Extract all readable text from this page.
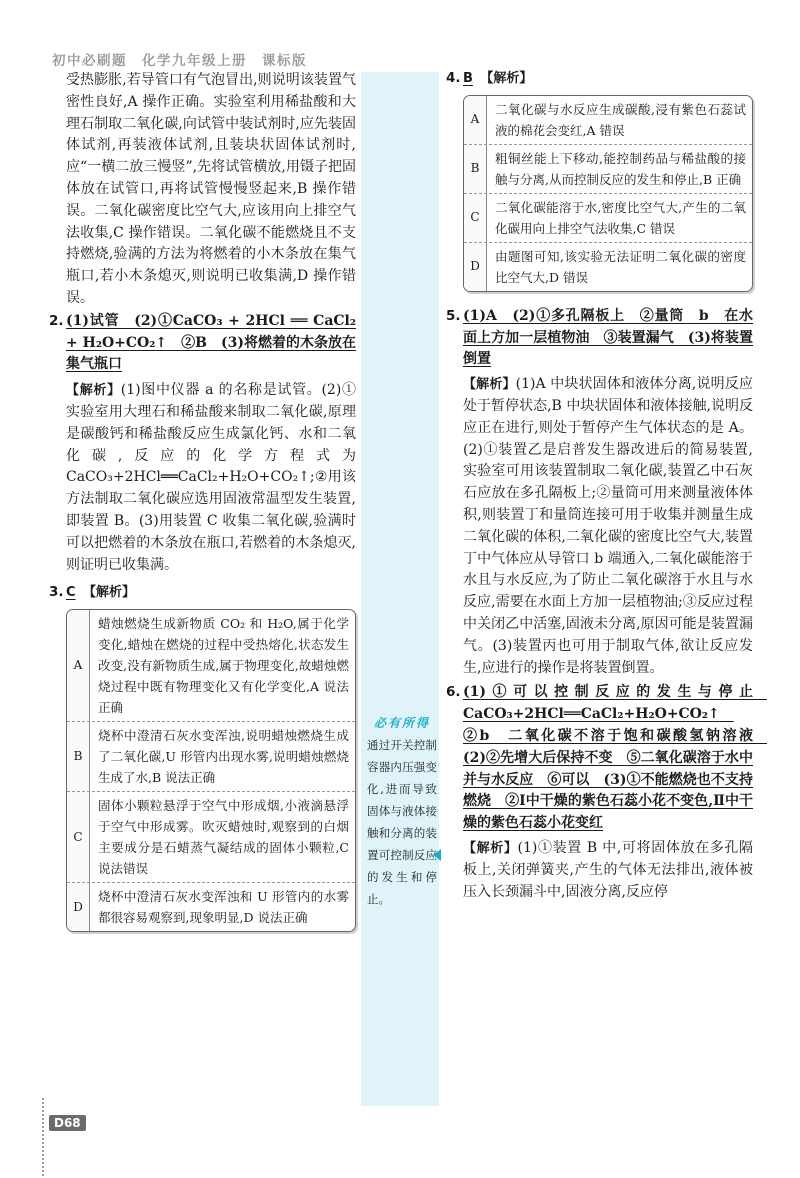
初中必刷题　化学九年级上册　课标版

受热膨胀,若导管口有气泡冒出,则说明该装置气密性良好,A 操作正确。实验室利用稀盐酸和大理石制取二氧化碳,向试管中装试剂时,应先装固体试剂,再装液体试剂,且装块状固体试剂时,应“一横二放三慢竖”,先将试管横放,用镊子把固体放在试管口,再将试管慢慢竖起来,B 操作错误。二氧化碳密度比空气大,应该用向上排空气法收集,C 操作错误。二氧化碳不能燃烧且不支持燃烧,验满的方法为将燃着的小木条放在集气瓶口,若小木条熄灭,则说明已收集满,D 操作错误。

2. (1)试管　(2)①CaCO₃ + 2HCl ══ CaCl₂ + H₂O+CO₂↑　 ②B　(3)将燃着的木条放在集气瓶口

【解析】(1)图中仪器 a 的名称是试管。(2)①实验室用大理石和稀盐酸来制取二氧化碳,原理是碳酸钙和稀盐酸反应生成氯化钙、水和二氧化碳,反应的化学方程式为 CaCO₃+2HCl══CaCl₂+H₂O+CO₂↑;②用该方法制取二氧化碳应选用固液常温型发生装置,即装置 B。(3)用装置 C 收集二氧化碳,验满时可以把燃着的木条放在瓶口,若燃着的木条熄灭,则证明已收集满。

3. C　 【解析】

A
蜡烛燃烧生成新物质 CO₂ 和 H₂O,属于化学变化,蜡烛在燃烧的过程中受热熔化,状态发生改变,没有新物质生成,属于物理变化,故蜡烛燃烧过程中既有物理变化又有化学变化,A 说法正确
B
烧杯中澄清石灰水变浑浊,说明蜡烛燃烧生成了二氧化碳,U 形管内出现水雾,说明蜡烛燃烧生成了水,B 说法正确
C
固体小颗粒悬浮于空气中形成烟,小液滴悬浮于空气中形成雾。吹灭蜡烛时,观察到的白烟主要成分是石蜡蒸气凝结成的固体小颗粒,C 说法错误
D
烧杯中澄清石灰水变浑浊和 U 形管内的水雾都很容易观察到,现象明显,D 说法正确
必有所得
通过开关控制容器内压强变化,进而导致固体与液体接触和分离的装置可控制反应的发生和停止。
4. B　 【解析】

A
二氧化碳与水反应生成碳酸,浸有紫色石蕊试液的棉花会变红,A 错误
B
粗铜丝能上下移动,能控制药品与稀盐酸的接触与分离,从而控制反应的发生和停止,B 正确
C
二氧化碳能溶于水,密度比空气大,产生的二氧化碳用向上排空气法收集,C 错误
D
由题图可知,该实验无法证明二氧化碳的密度比空气大,D 错误
5. (1)A　(2)①多孔隔板上　②量筒　b　在水面上方加一层植物油　③装置漏气　(3)将装置倒置

【解析】(1)A 中块状固体和液体分离,说明反应处于暂停状态,B 中块状固体和液体接触,说明反应正在进行,则处于暂停产生气体状态的是 A。(2)①装置乙是启普发生器改进后的简易装置,实验室可用该装置制取二氧化碳,装置乙中石灰石应放在多孔隔板上;②量筒可用来测量液体体积,则装置丁和量筒连接可用于收集并测量生成二氧化碳的体积,二氧化碳的密度比空气大,装置丁中气体应从导管口 b 端通入,二氧化碳能溶于水且与水反应,为了防止二氧化碳溶于水且与水反应,需要在水面上方加一层植物油;③反应过程中关闭乙中活塞,固液未分离,原因可能是装置漏气。(3)装置丙也可用于制取气体,欲让反应发生,应进行的操作是将装置倒置。

6. (1)①可以控制反应的发生与停止　CaCO₃+2HCl══CaCl₂+H₂O+CO₂↑　②b　二氧化碳不溶于饱和碳酸氢钠溶液　(2)②先增大后保持不变　⑤二氧化碳溶于水中并与水反应　⑥可以　(3)①不能燃烧也不支持燃烧　②Ⅰ中干燥的紫色石蕊小花不变色,Ⅱ中干燥的紫色石蕊小花变红

【解析】(1)①装置 B 中,可将固体放在多孔隔板上,关闭弹簧夹,产生的气体无法排出,液体被压入长颈漏斗中,固液分离,反应停

D68
